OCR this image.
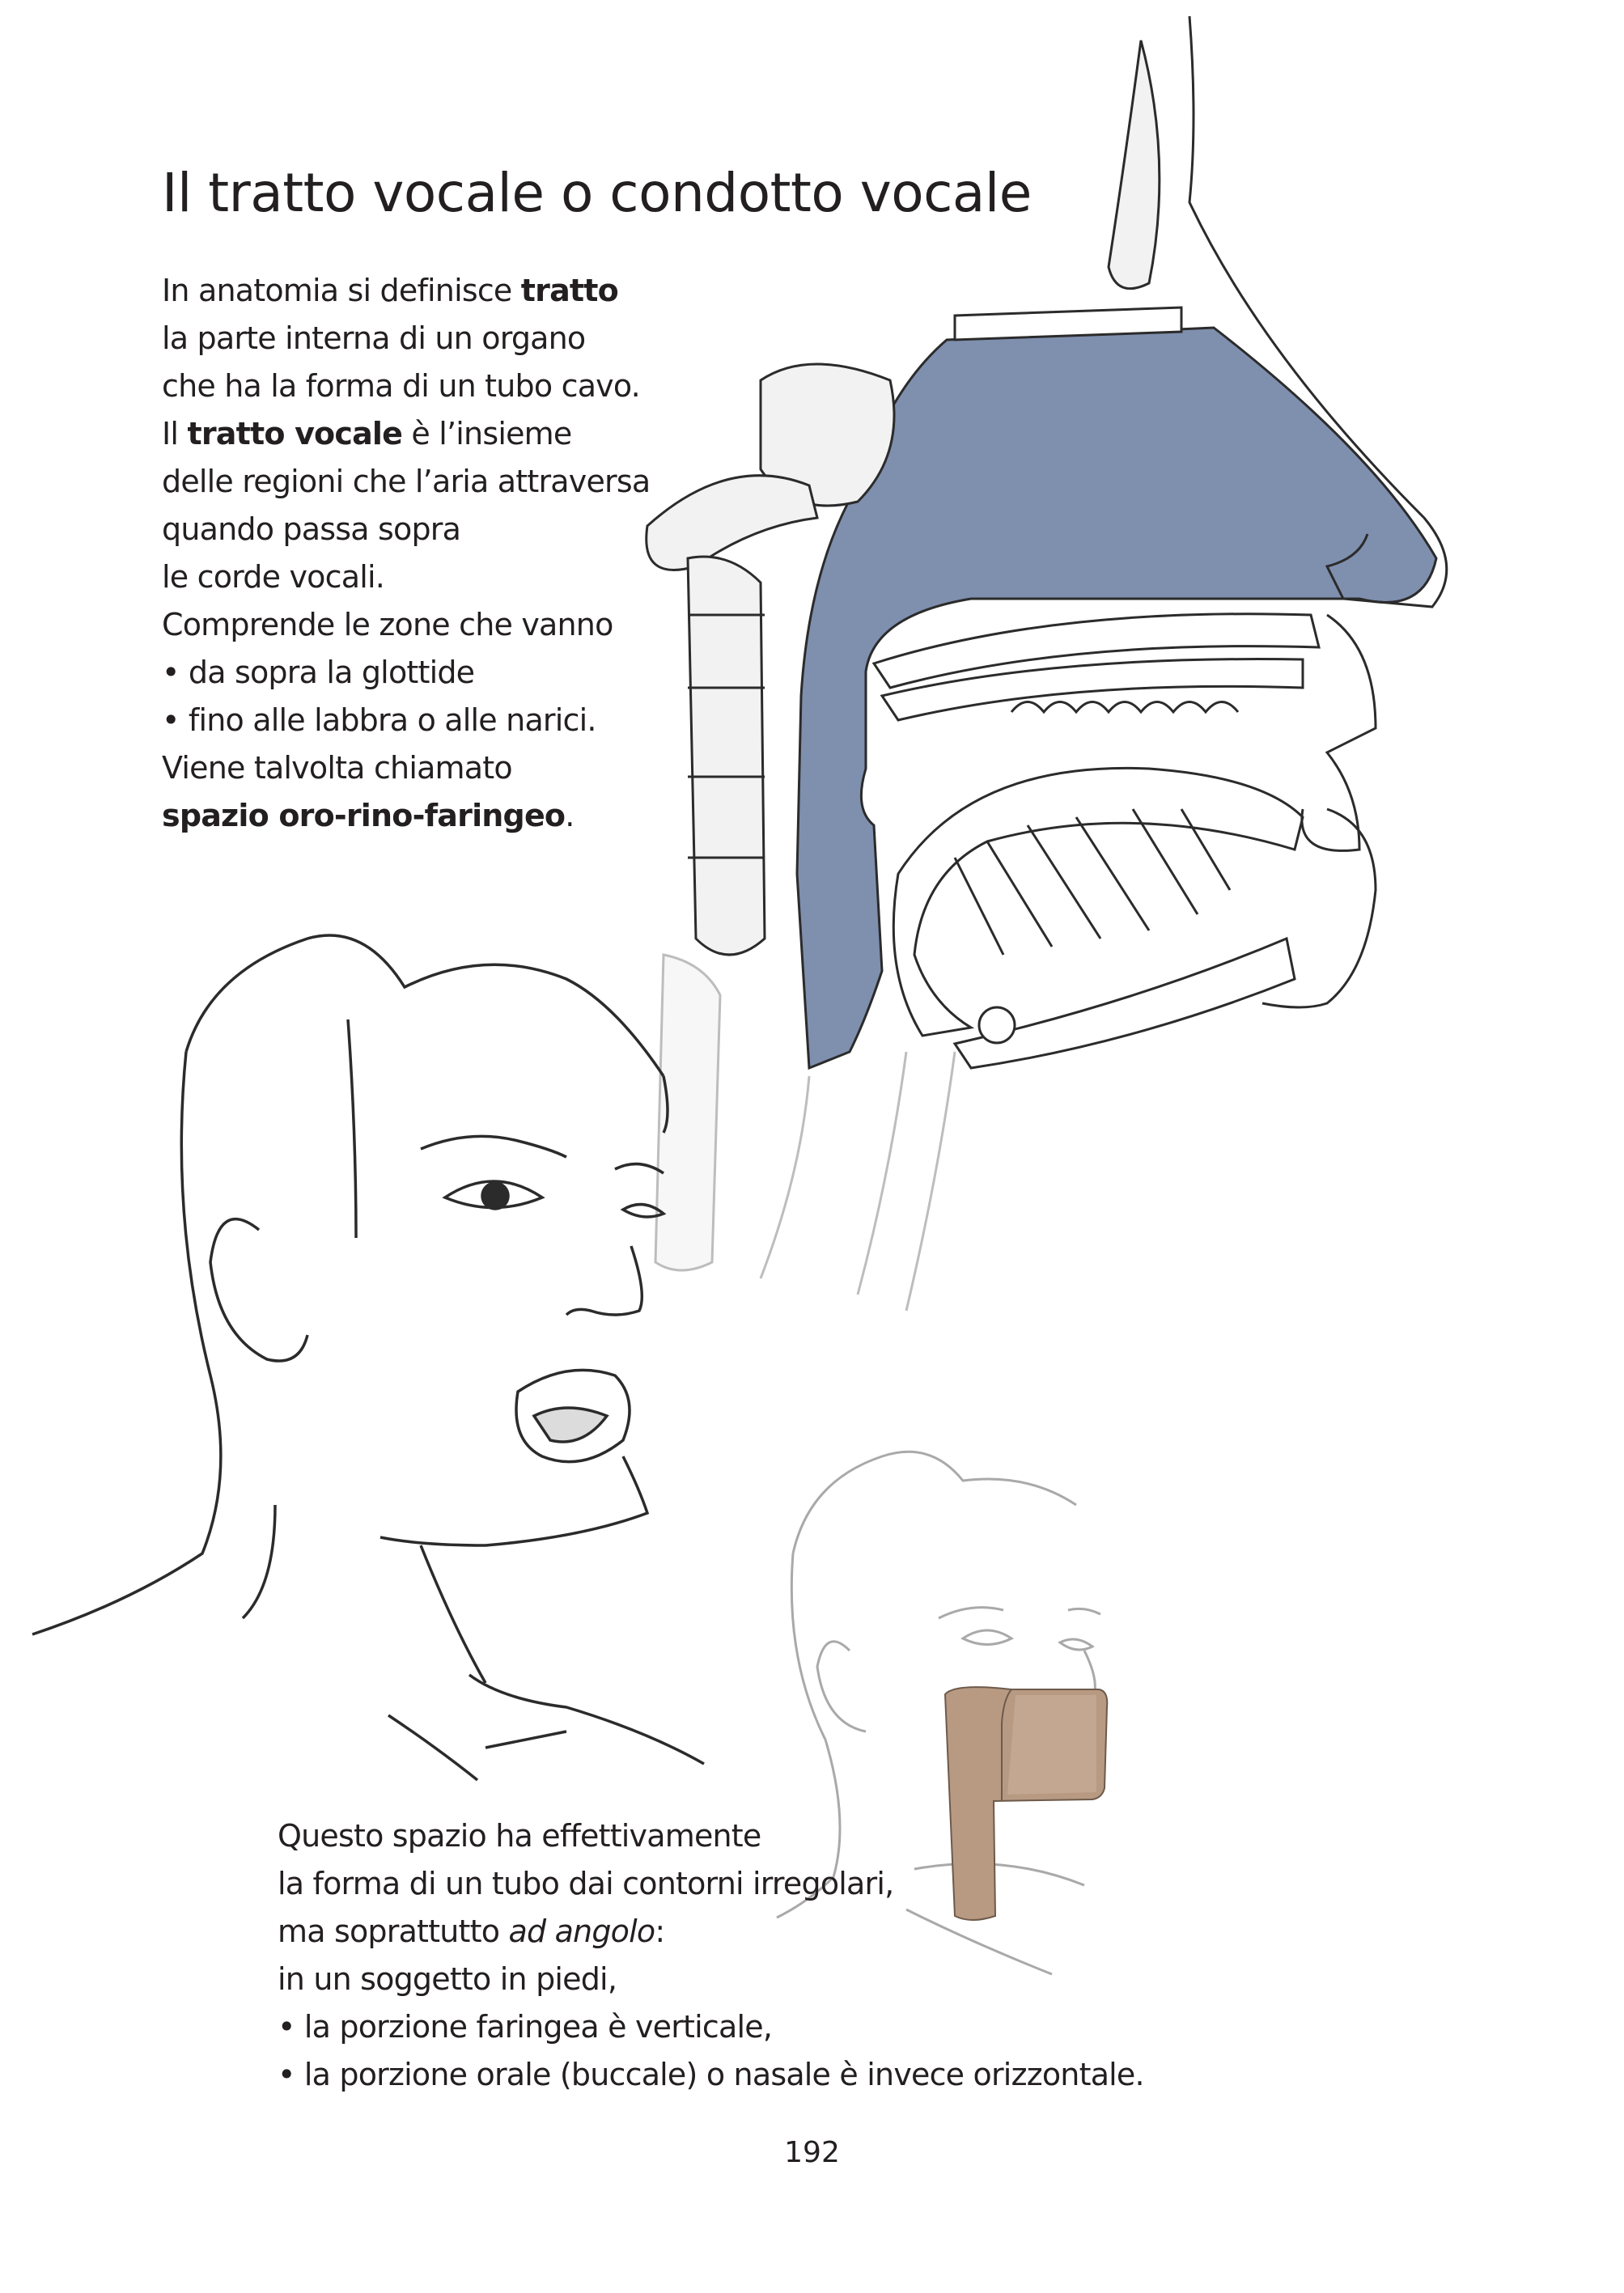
Il tratto vocale o condotto vocale
In anatomia si definisce tratto
la parte interna di un organo
che ha la forma di un tubo cavo.
Il tratto vocale è l’insieme
delle regioni che l’aria attraversa
quando passa sopra
le corde vocali.
Comprende le zone che vanno
• da sopra la glottide
• fino alle labbra o alle narici.
Viene talvolta chiamato
spazio oro-rino-faringeo.
Questo spazio ha effettivamente
la forma di un tubo dai contorni irregolari,
ma soprattutto ad angolo:
in un soggetto in piedi,
• la porzione faringea è verticale,
• la porzione orale (buccale) o nasale è invece orizzontale.
192
